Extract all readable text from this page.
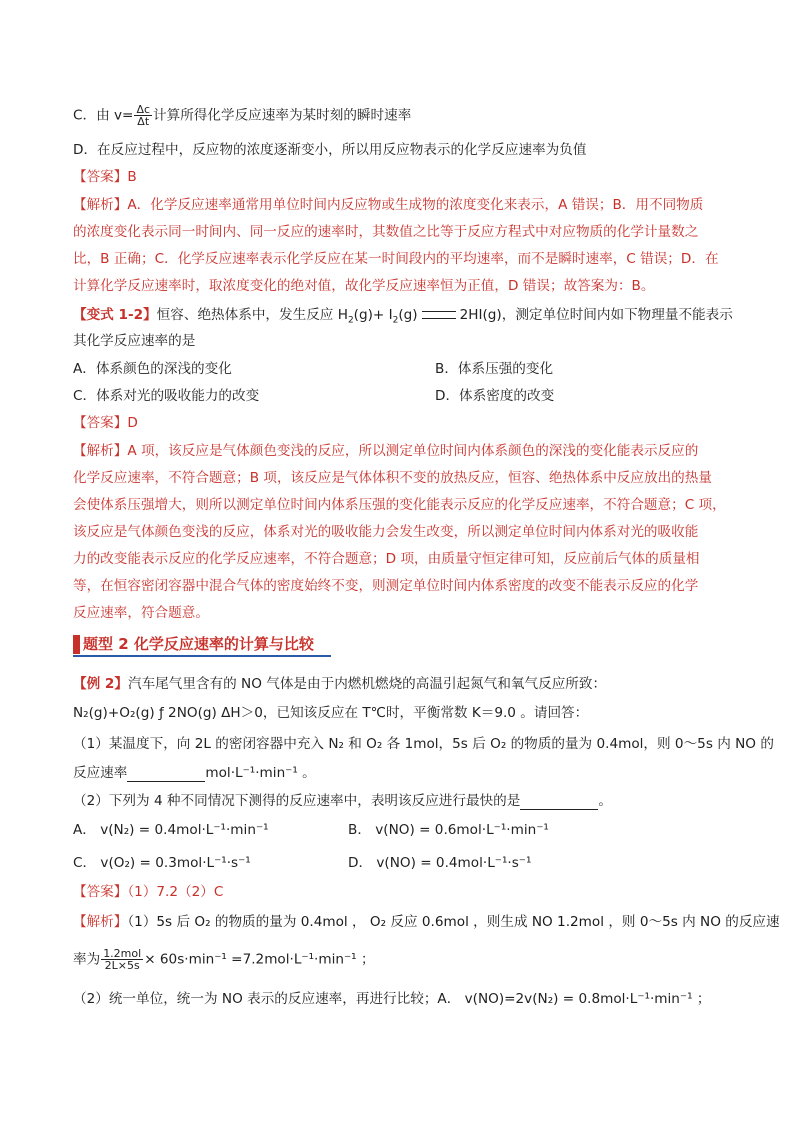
C．由 $v= \frac{\Delta c}{\Delta t}$ 计算所得化学反应速率为某时刻的瞬时速率
D．在反应过程中，反应物的浓度逐渐变小，所以用反应物表示的化学反应速率为负值
【答案】B
【解析】A．化学反应速率通常用单位时间内反应物或生成物的浓度变化来表示，A 错误；B．用不同物质
的浓度变化表示同一时间内、同一反应的速率时，其数值之比等于反应方程式中对应物质的化学计量数之
比，B 正确；C．化学反应速率表示化学反应在某一时间段内的平均速率，而不是瞬时速率，C 错误；D．在
计算化学反应速率时，取浓度变化的绝对值，故化学反应速率恒为正值，D 错误；故答案为：B。
【变式 1-2】恒容、绝热体系中，发生反应 $H_2(g)+ I_2(g)$	2HI(g)，测定单位时间内如下物理量不能表示
其化学反应速率的是
A．体系颜色的深浅的变化	B．体系压强的变化
C．体系对光的吸收能力的改变	D．体系密度的改变
【答案】D
【解析】A 项，该反应是气体颜色变浅的反应，所以测定单位时间内体系颜色的深浅的变化能表示反应的
化学反应速率，不符合题意；B 项，该反应是气体体积不变的放热反应，恒容、绝热体系中反应放出的热量
会使体系压强增大，则所以测定单位时间内体系压强的变化能表示反应的化学反应速率，不符合题意；C 项，
该反应是气体颜色变浅的反应，体系对光的吸收能力会发生改变，所以测定单位时间内体系对光的吸收能
力的改变能表示反应的化学反应速率，不符合题意；D 项，由质量守恒定律可知，反应前后气体的质量相
等，在恒容密闭容器中混合气体的密度始终不变，则测定单位时间内体系密度的改变不能表示反应的化学
反应速率，符合题意。
题型 2 化学反应速率的计算与比较
【例 2】汽车尾气里含有的 NO 气体是由于内燃机燃烧的高温引起氮气和氧气反应所致：
N₂(g)+O₂(g) ƒ 2NO(g) ΔH＞0，已知该反应在 T℃时，平衡常数 K＝9.0 。请回答：
（1）某温度下，向 2L 的密闭容器中充入 N₂ 和 O₂ 各 1mol，5s 后 O₂ 的物质的量为 0.4mol，则 0～5s 内 NO 的
反应速率	mol·L⁻¹·min⁻¹ 。
（2）下列为 4 种不同情况下测得的反应速率中，表明该反应进行最快的是	。
A． v(N₂) = 0.4mol·L⁻¹·min⁻¹	B． v(NO) = 0.6mol·L⁻¹·min⁻¹
C． v(O₂) = 0.3mol·L⁻¹·s⁻¹	D． v(NO) = 0.4mol·L⁻¹·s⁻¹
【答案】（1）7.2（2）C
【解析】（1）5s 后 O₂ 的物质的量为 0.4mol ， O₂ 反应 0.6mol ，则生成 NO 1.2mol ，则 0～5s 内 NO 的反应速
率为 $\frac{\text{1.2mol}}{2L\times 5s} \times 60s\cdot\min^{-1} =7.2mol\cdot L^{-1}\cdot\min^{-1}$ ；
（2）统一单位，统一为 NO 表示的反应速率，再进行比较；A． v(NO)=2v(N₂) = 0.8mol·L⁻¹·min⁻¹ ；
